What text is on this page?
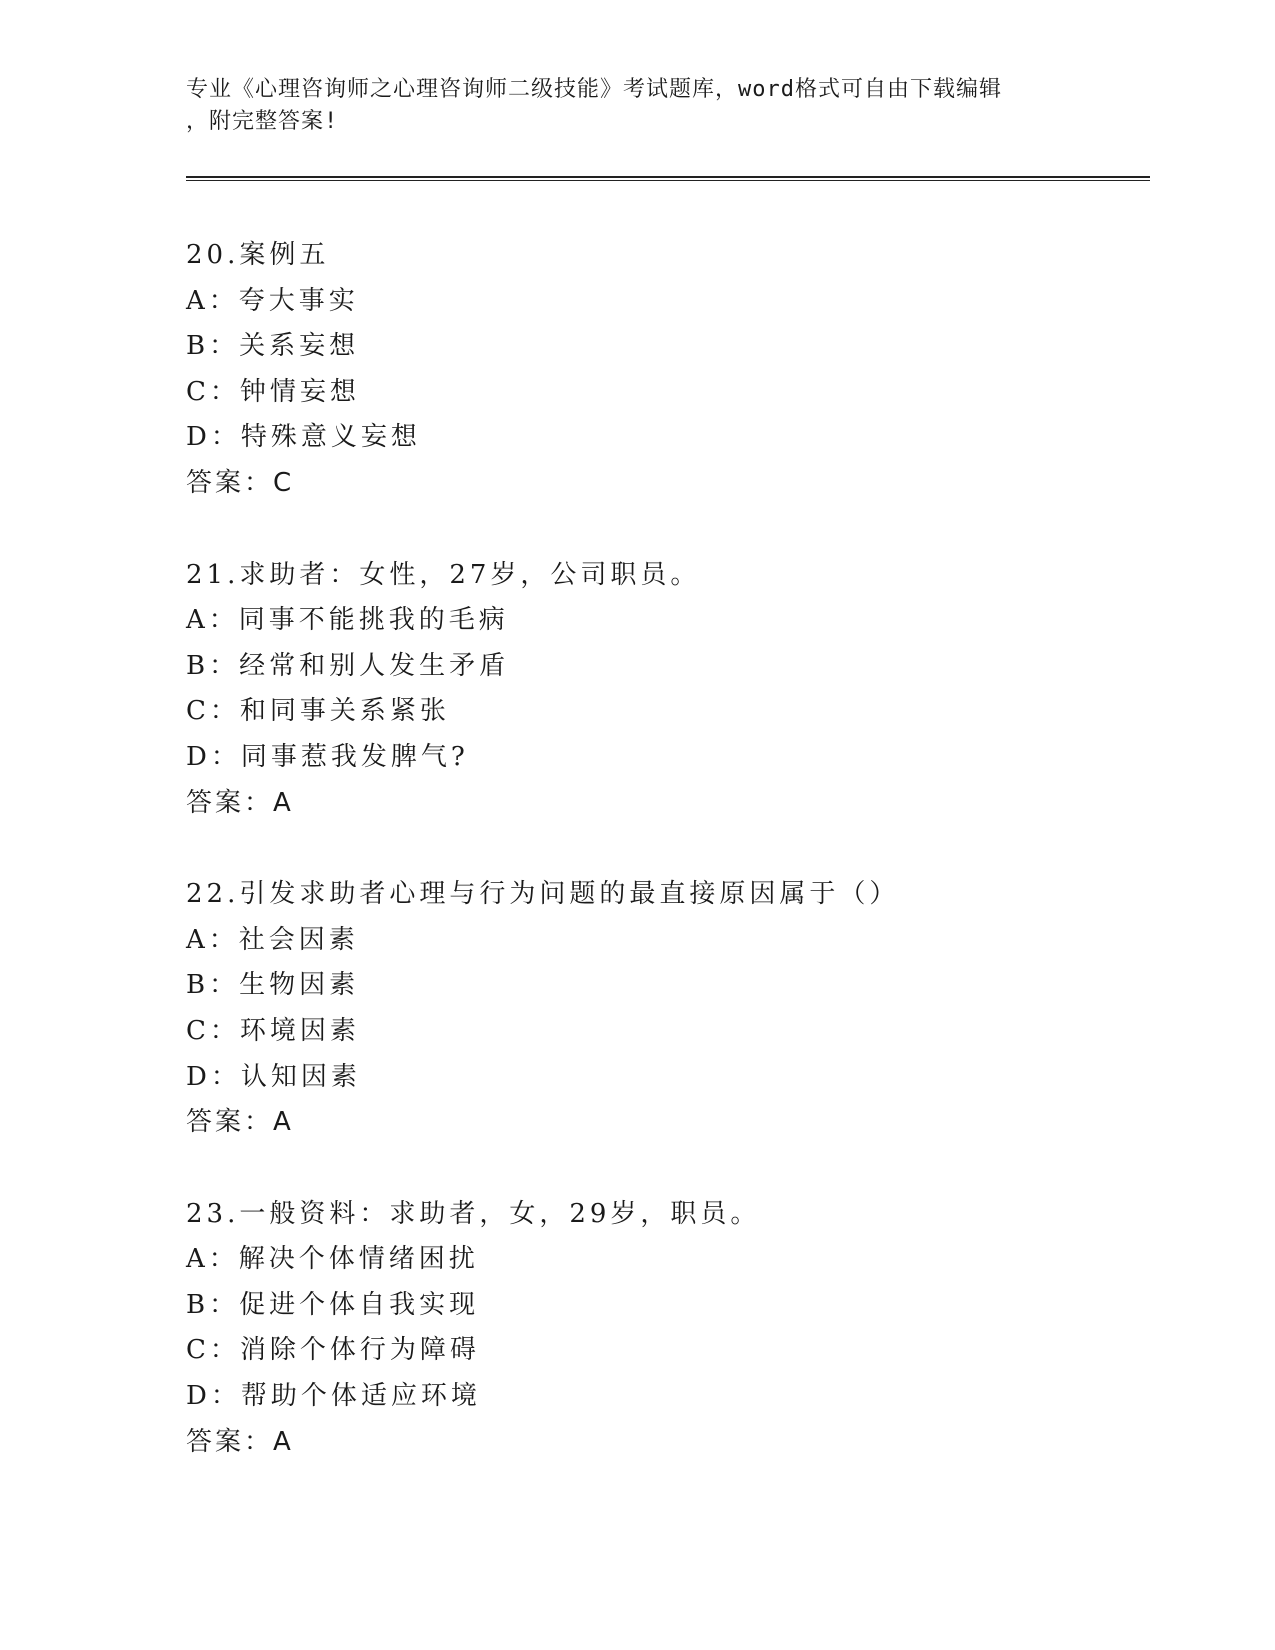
专业《心理咨询师之心理咨询师二级技能》考试题库，word格式可自由下载编辑
，附完整答案!
20.案例五
A：夸大事实
B：关系妄想
C：钟情妄想
D：特殊意义妄想
答案：C
21.求助者：女性，27岁，公司职员。
A：同事不能挑我的毛病
B：经常和别人发生矛盾
C：和同事关系紧张
D：同事惹我发脾气?
答案：A
22.引发求助者心理与行为问题的最直接原因属于（）
A：社会因素
B：生物因素
C：环境因素
D：认知因素
答案：A
23.一般资料：求助者，女，29岁，职员。
A：解决个体情绪困扰
B：促进个体自我实现
C：消除个体行为障碍
D：帮助个体适应环境
答案：A
